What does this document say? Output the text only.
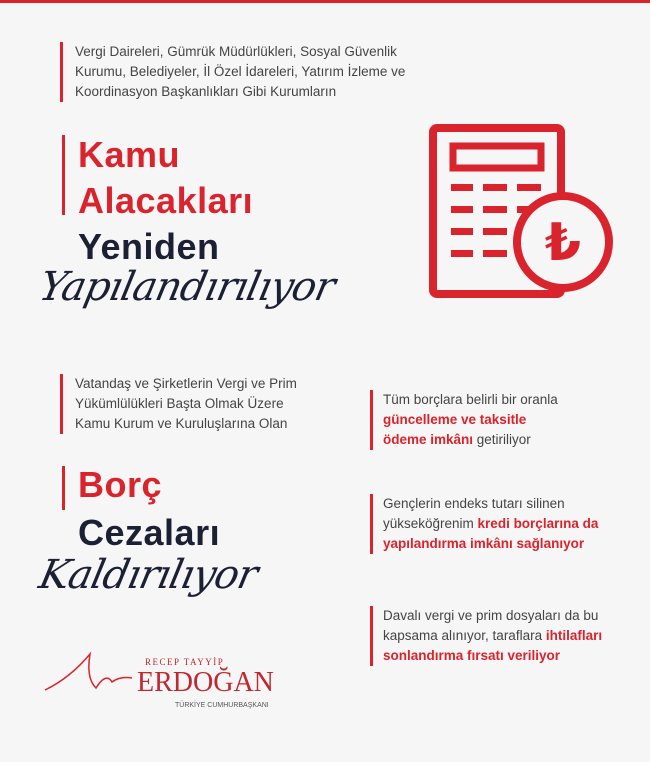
Vergi Daireleri, Gümrük Müdürlükleri, Sosyal Güvenlik Kurumu, Belediyeler, İl Özel İdareleri, Yatırım İzleme ve Koordinasyon Başkanlıkları Gibi Kurumların
Kamu
Alacakları
Yeniden
Yapılandırılıyor
₺
Vatandaş ve Şirketlerin Vergi ve Prim Yükümlülükleri Başta Olmak Üzere Kamu Kurum ve Kuruluşlarına Olan
Borç
Cezaları
Kaldırılıyor
Tüm borçlara belirli bir oranla güncelleme ve taksitle ödeme imkânı getiriliyor
Gençlerin endeks tutarı silinen yükseköğrenim kredi borçlarına da yapılandırma imkânı sağlanıyor
Davalı vergi ve prim dosyaları da bu kapsama alınıyor, taraflara ihtilafları sonlandırma fırsatı veriliyor
RECEP TAYYİP
ERDOĞAN
TÜRKİYE CUMHURBAŞKANI
